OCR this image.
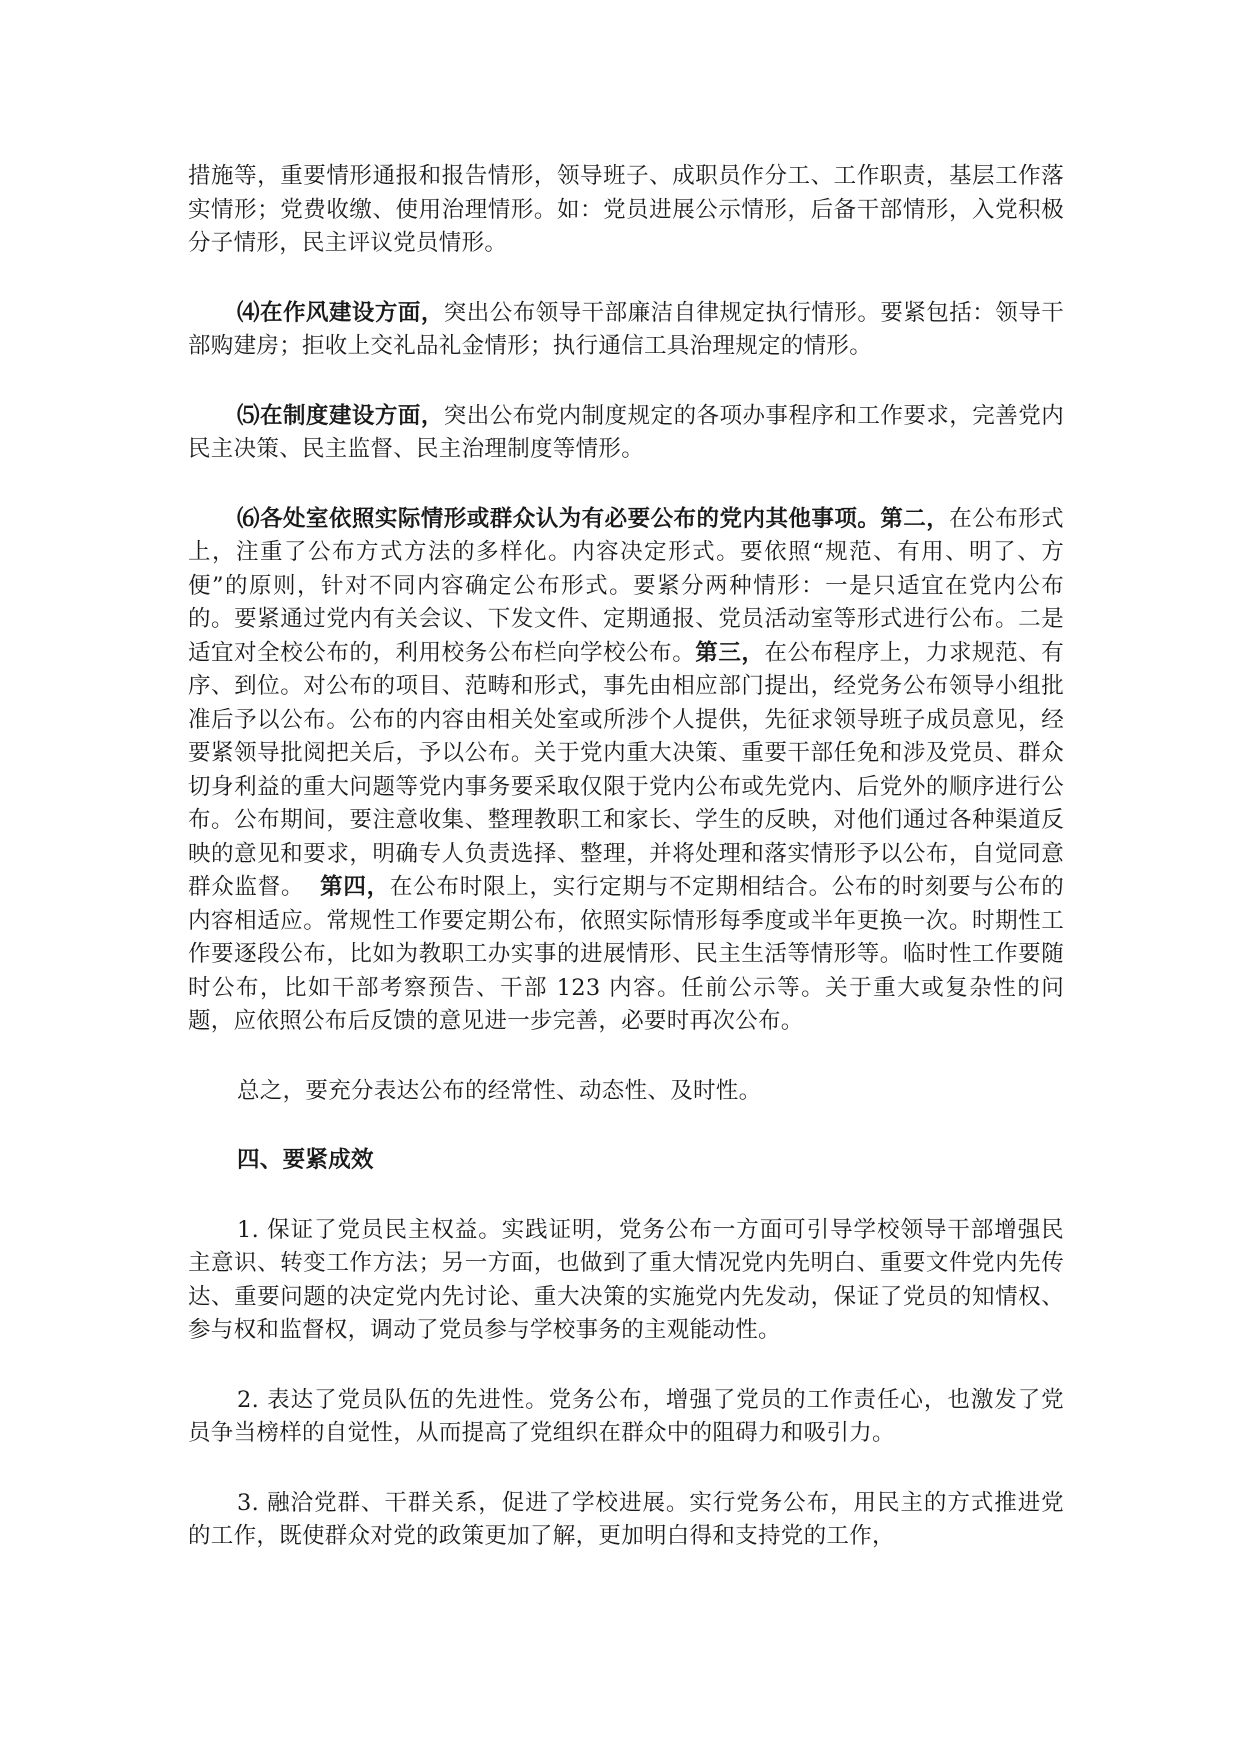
措施等，重要情形通报和报告情形，领导班子、成职员作分工、工作职责，基层工作落实情形；党费收缴、使用治理情形。如：党员进展公示情形，后备干部情形，入党积极分子情形，民主评议党员情形。

⑷在作风建设方面，突出公布领导干部廉洁自律规定执行情形。要紧包括：领导干部购建房；拒收上交礼品礼金情形；执行通信工具治理规定的情形。

⑸在制度建设方面，突出公布党内制度规定的各项办事程序和工作要求，完善党内民主决策、民主监督、民主治理制度等情形。

⑹各处室依照实际情形或群众认为有必要公布的党内其他事项。第二，在公布形式上，注重了公布方式方法的多样化。内容决定形式。要依照“规范、有用、明了、方便”的原则，针对不同内容确定公布形式。要紧分两种情形：一是只适宜在党内公布的。要紧通过党内有关会议、下发文件、定期通报、党员活动室等形式进行公布。二是适宜对全校公布的，利用校务公布栏向学校公布。第三，在公布程序上，力求规范、有序、到位。对公布的项目、范畴和形式，事先由相应部门提出，经党务公布领导小组批准后予以公布。公布的内容由相关处室或所涉个人提供，先征求领导班子成员意见，经要紧领导批阅把关后，予以公布。关于党内重大决策、重要干部任免和涉及党员、群众切身利益的重大问题等党内事务要采取仅限于党内公布或先党内、后党外的顺序进行公布。公布期间，要注意收集、整理教职工和家长、学生的反映，对他们通过各种渠道反映的意见和要求，明确专人负责选择、整理，并将处理和落实情形予以公布，自觉同意群众监督。 第四，在公布时限上，实行定期与不定期相结合。公布的时刻要与公布的内容相适应。常规性工作要定期公布，依照实际情形每季度或半年更换一次。时期性工作要逐段公布，比如为教职工办实事的进展情形、民主生活等情形等。临时性工作要随时公布，比如干部考察预告、干部 123 内容。任前公示等。关于重大或复杂性的问题，应依照公布后反馈的意见进一步完善，必要时再次公布。

总之，要充分表达公布的经常性、动态性、及时性。

四、要紧成效

1. 保证了党员民主权益。实践证明，党务公布一方面可引导学校领导干部增强民主意识、转变工作方法；另一方面，也做到了重大情况党内先明白、重要文件党内先传达、重要问题的决定党内先讨论、重大决策的实施党内先发动，保证了党员的知情权、参与权和监督权，调动了党员参与学校事务的主观能动性。

2. 表达了党员队伍的先进性。党务公布，增强了党员的工作责任心，也激发了党员争当榜样的自觉性，从而提高了党组织在群众中的阻碍力和吸引力。

3. 融洽党群、干群关系，促进了学校进展。实行党务公布，用民主的方式推进党的工作，既使群众对党的政策更加了解，更加明白得和支持党的工作，
